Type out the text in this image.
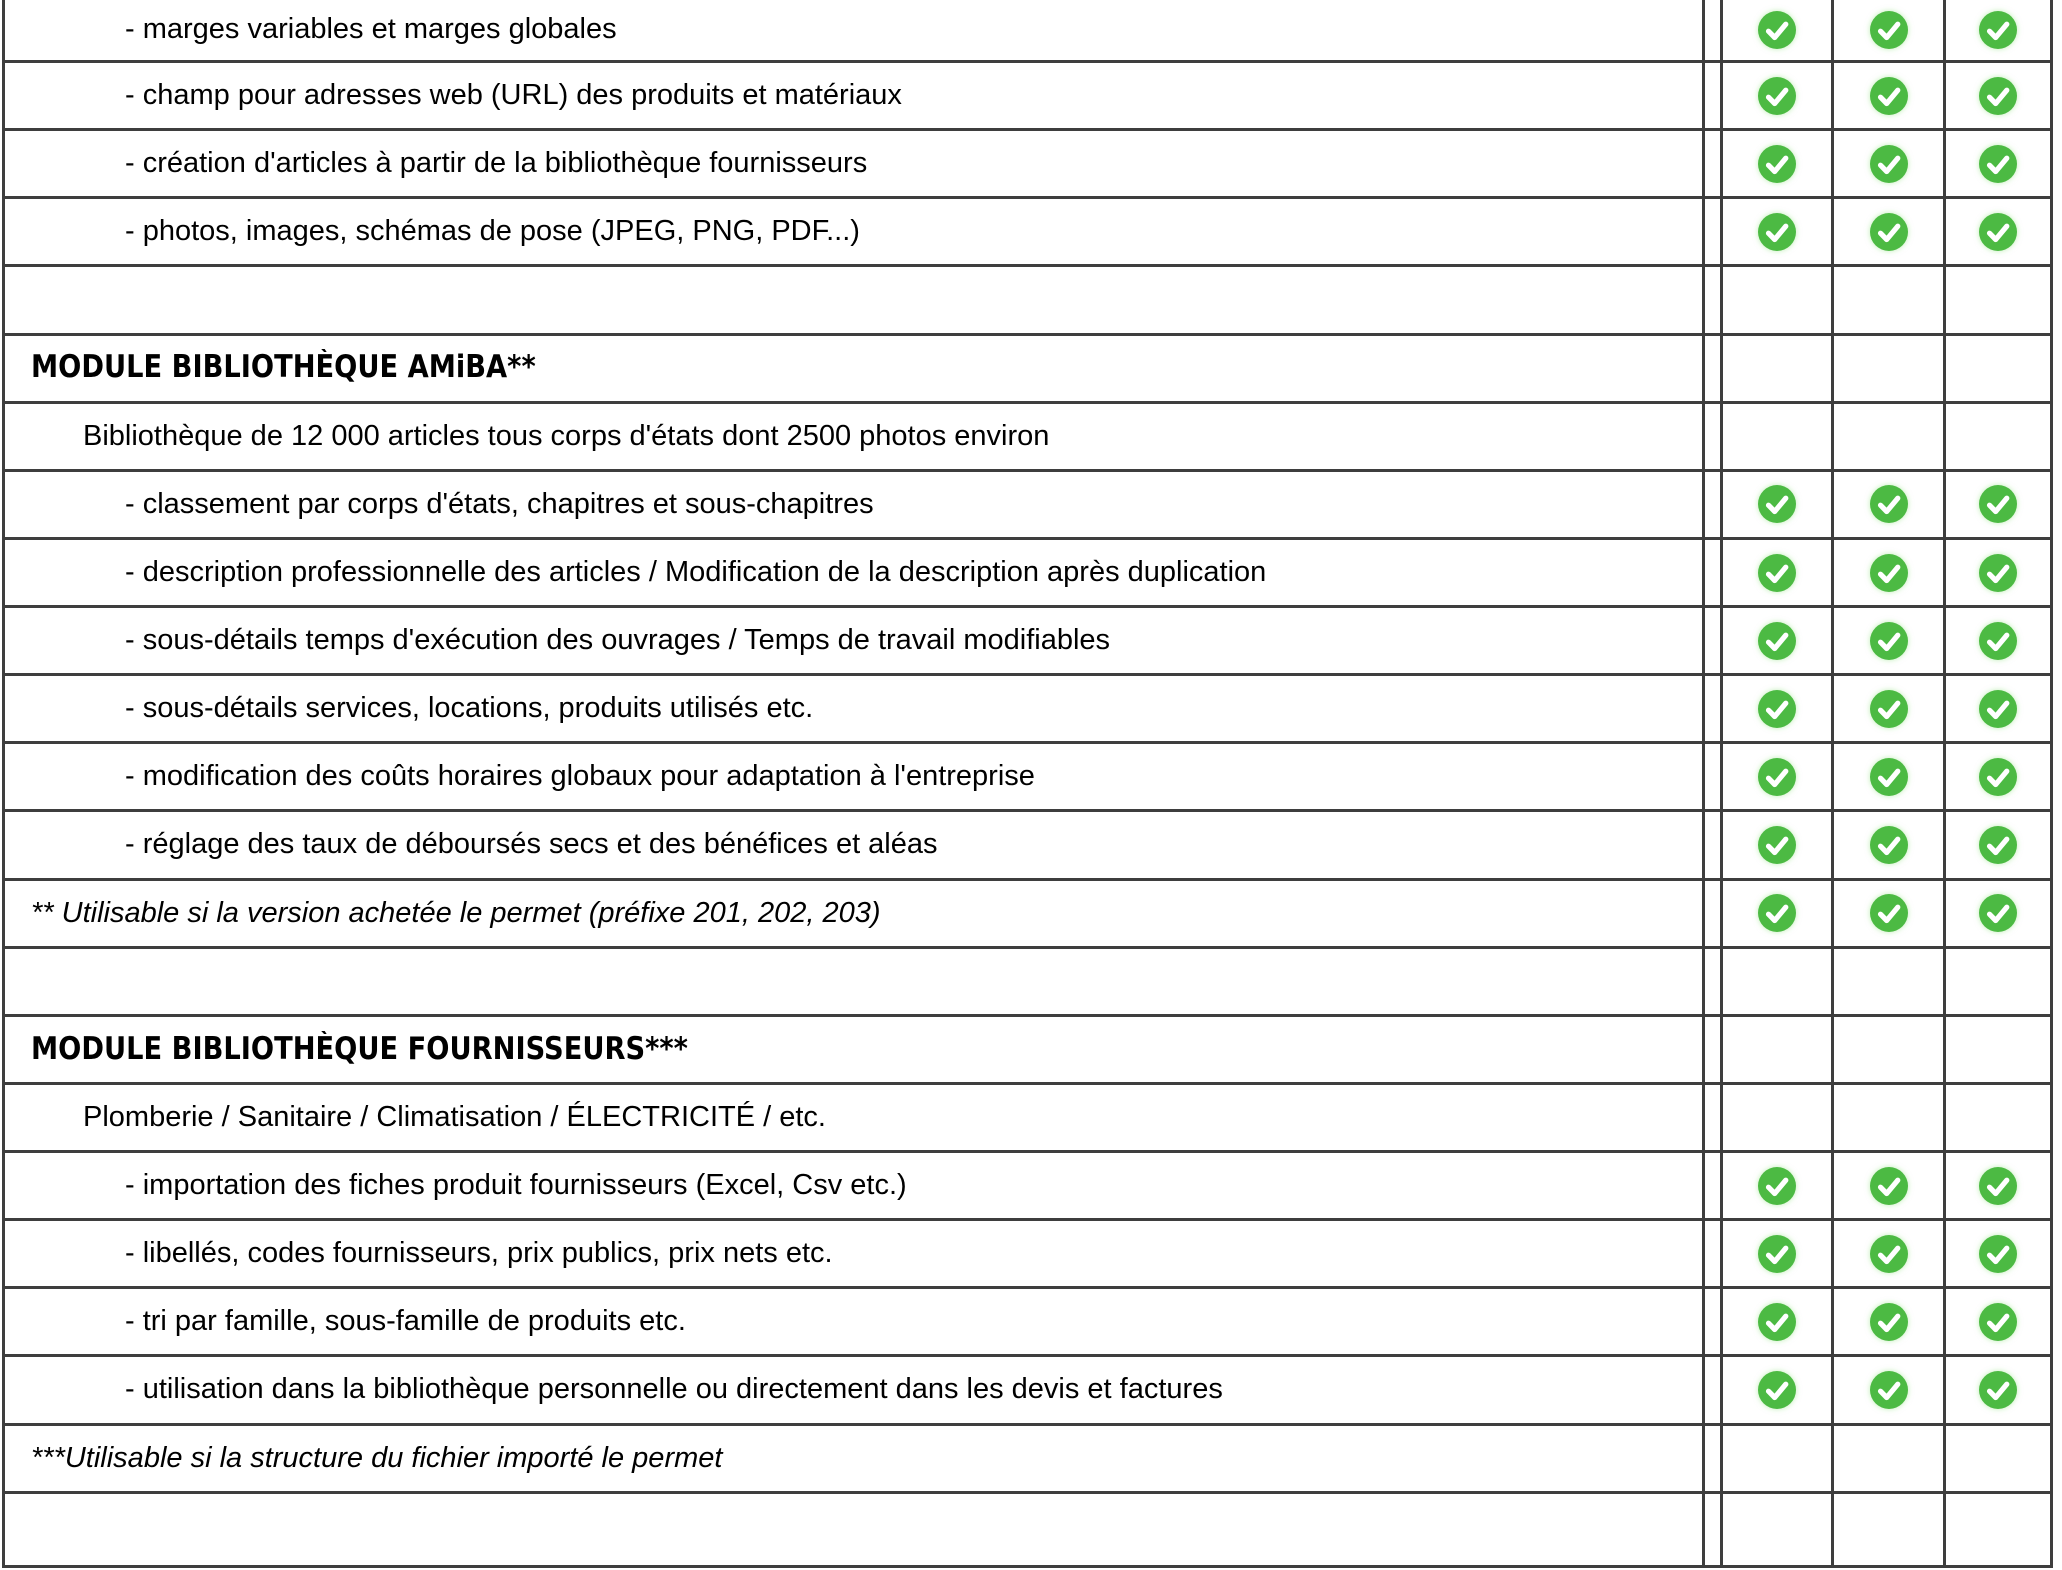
- marges variables et marges globales				
- champ pour adresses web (URL) des produits et matériaux				
- création d'articles à partir de la bibliothèque fournisseurs				
- photos, images, schémas de pose (JPEG, PNG, PDF...)				

MODULE BIBLIOTHÈQUE AMiBA**				
Bibliothèque de 12 000 articles tous corps d'états dont 2500 photos environ				
- classement par corps d'états, chapitres et sous-chapitres				
- description professionnelle des articles / Modification de la description après duplication				
- sous-détails temps d'exécution des ouvrages / Temps de travail modifiables				
- sous-détails services, locations, produits utilisés etc.				
- modification des coûts horaires globaux pour adaptation à l'entreprise				
- réglage des taux de déboursés secs et des bénéfices et aléas				
** Utilisable si la version achetée le permet (préfixe 201, 202, 203)				

MODULE BIBLIOTHÈQUE FOURNISSEURS***				
Plomberie / Sanitaire / Climatisation / ÉLECTRICITÉ / etc.				
- importation des fiches produit fournisseurs (Excel, Csv etc.)				
- libellés, codes fournisseurs, prix publics, prix nets etc.				
- tri par famille, sous-famille de produits etc.				
- utilisation dans la bibliothèque personnelle ou directement dans les devis et factures				
***Utilisable si la structure du fichier importé le permet				
